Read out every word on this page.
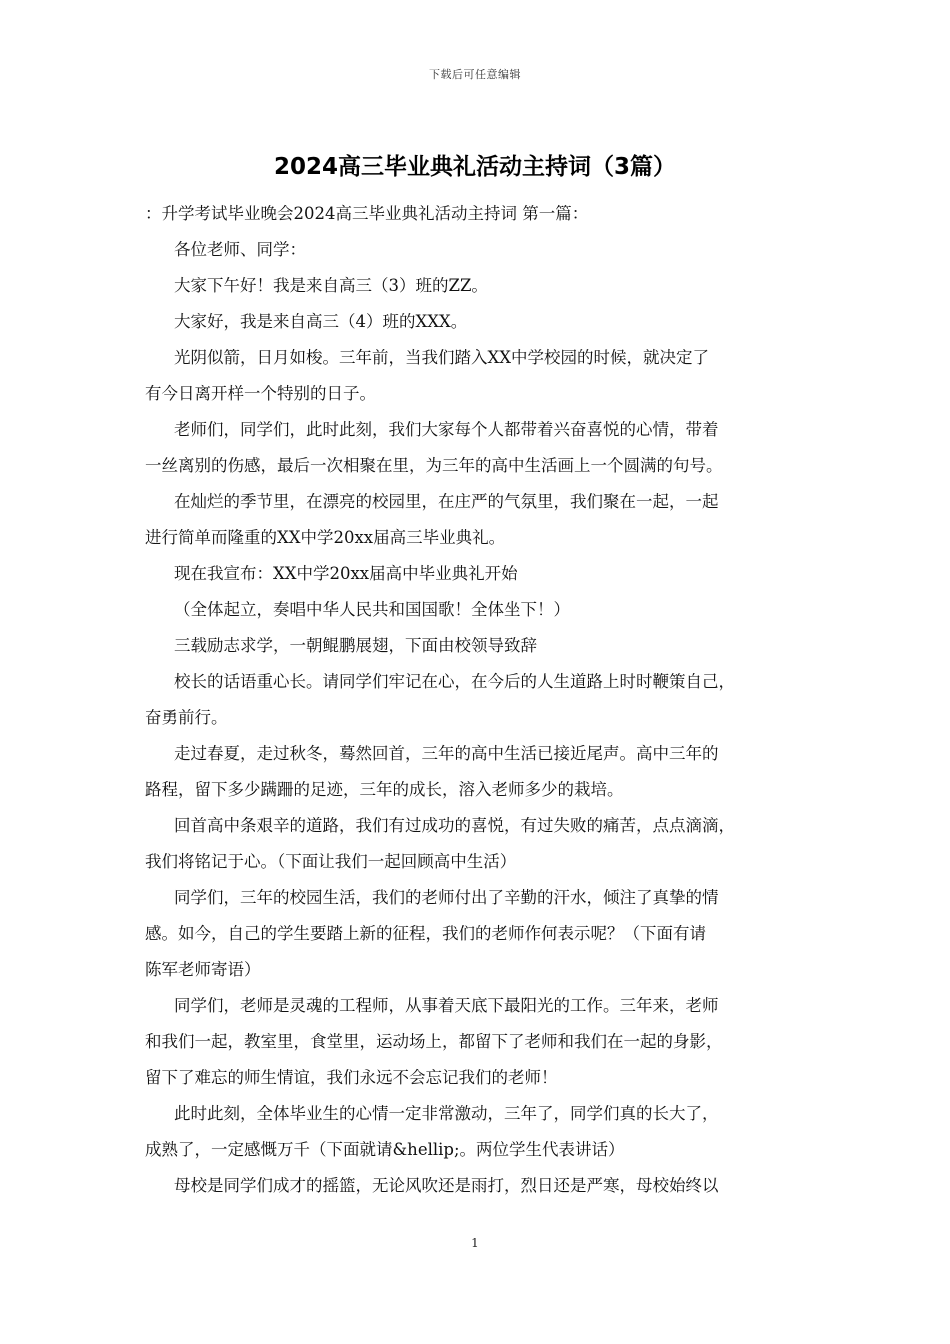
下载后可任意编辑
2024高三毕业典礼活动主持词（3篇）

：升学考试毕业晚会2024高三毕业典礼活动主持词 第一篇：

各位老师、同学：

大家下午好！我是来自高三（3）班的ZZ。

大家好，我是来自高三（4）班的XXX。

光阴似箭，日月如梭。三年前，当我们踏入XX中学校园的时候，就决定了

有今日离开样一个特别的日子。

老师们，同学们，此时此刻，我们大家每个人都带着兴奋喜悦的心情，带着

一丝离别的伤感，最后一次相聚在里，为三年的高中生活画上一个圆满的句号。

在灿烂的季节里，在漂亮的校园里，在庄严的气氛里，我们聚在一起，一起

进行简单而隆重的XX中学20xx届高三毕业典礼。

现在我宣布：XX中学20xx届高中毕业典礼开始

（全体起立，奏唱中华人民共和国国歌！全体坐下！）

三载励志求学，一朝鲲鹏展翅，下面由校领导致辞

校长的话语重心长。请同学们牢记在心，在今后的人生道路上时时鞭策自己，

奋勇前行。

走过春夏，走过秋冬，蓦然回首，三年的高中生活已接近尾声。高中三年的

路程，留下多少蹒跚的足迹，三年的成长，溶入老师多少的栽培。

回首高中条艰辛的道路，我们有过成功的喜悦，有过失败的痛苦，点点滴滴，

我们将铭记于心。（下面让我们一起回顾高中生活）

同学们，三年的校园生活，我们的老师付出了辛勤的汗水，倾注了真挚的情

感。如今，自己的学生要踏上新的征程，我们的老师作何表示呢？（下面有请

陈军老师寄语）

同学们，老师是灵魂的工程师，从事着天底下最阳光的工作。三年来，老师

和我们一起，教室里，食堂里，运动场上，都留下了老师和我们在一起的身影，

留下了难忘的师生情谊，我们永远不会忘记我们的老师！

此时此刻，全体毕业生的心情一定非常激动，三年了，同学们真的长大了，

成熟了，一定感慨万千（下面就请&hellip;。两位学生代表讲话）

母校是同学们成才的摇篮，无论风吹还是雨打，烈日还是严寒，母校始终以

1
